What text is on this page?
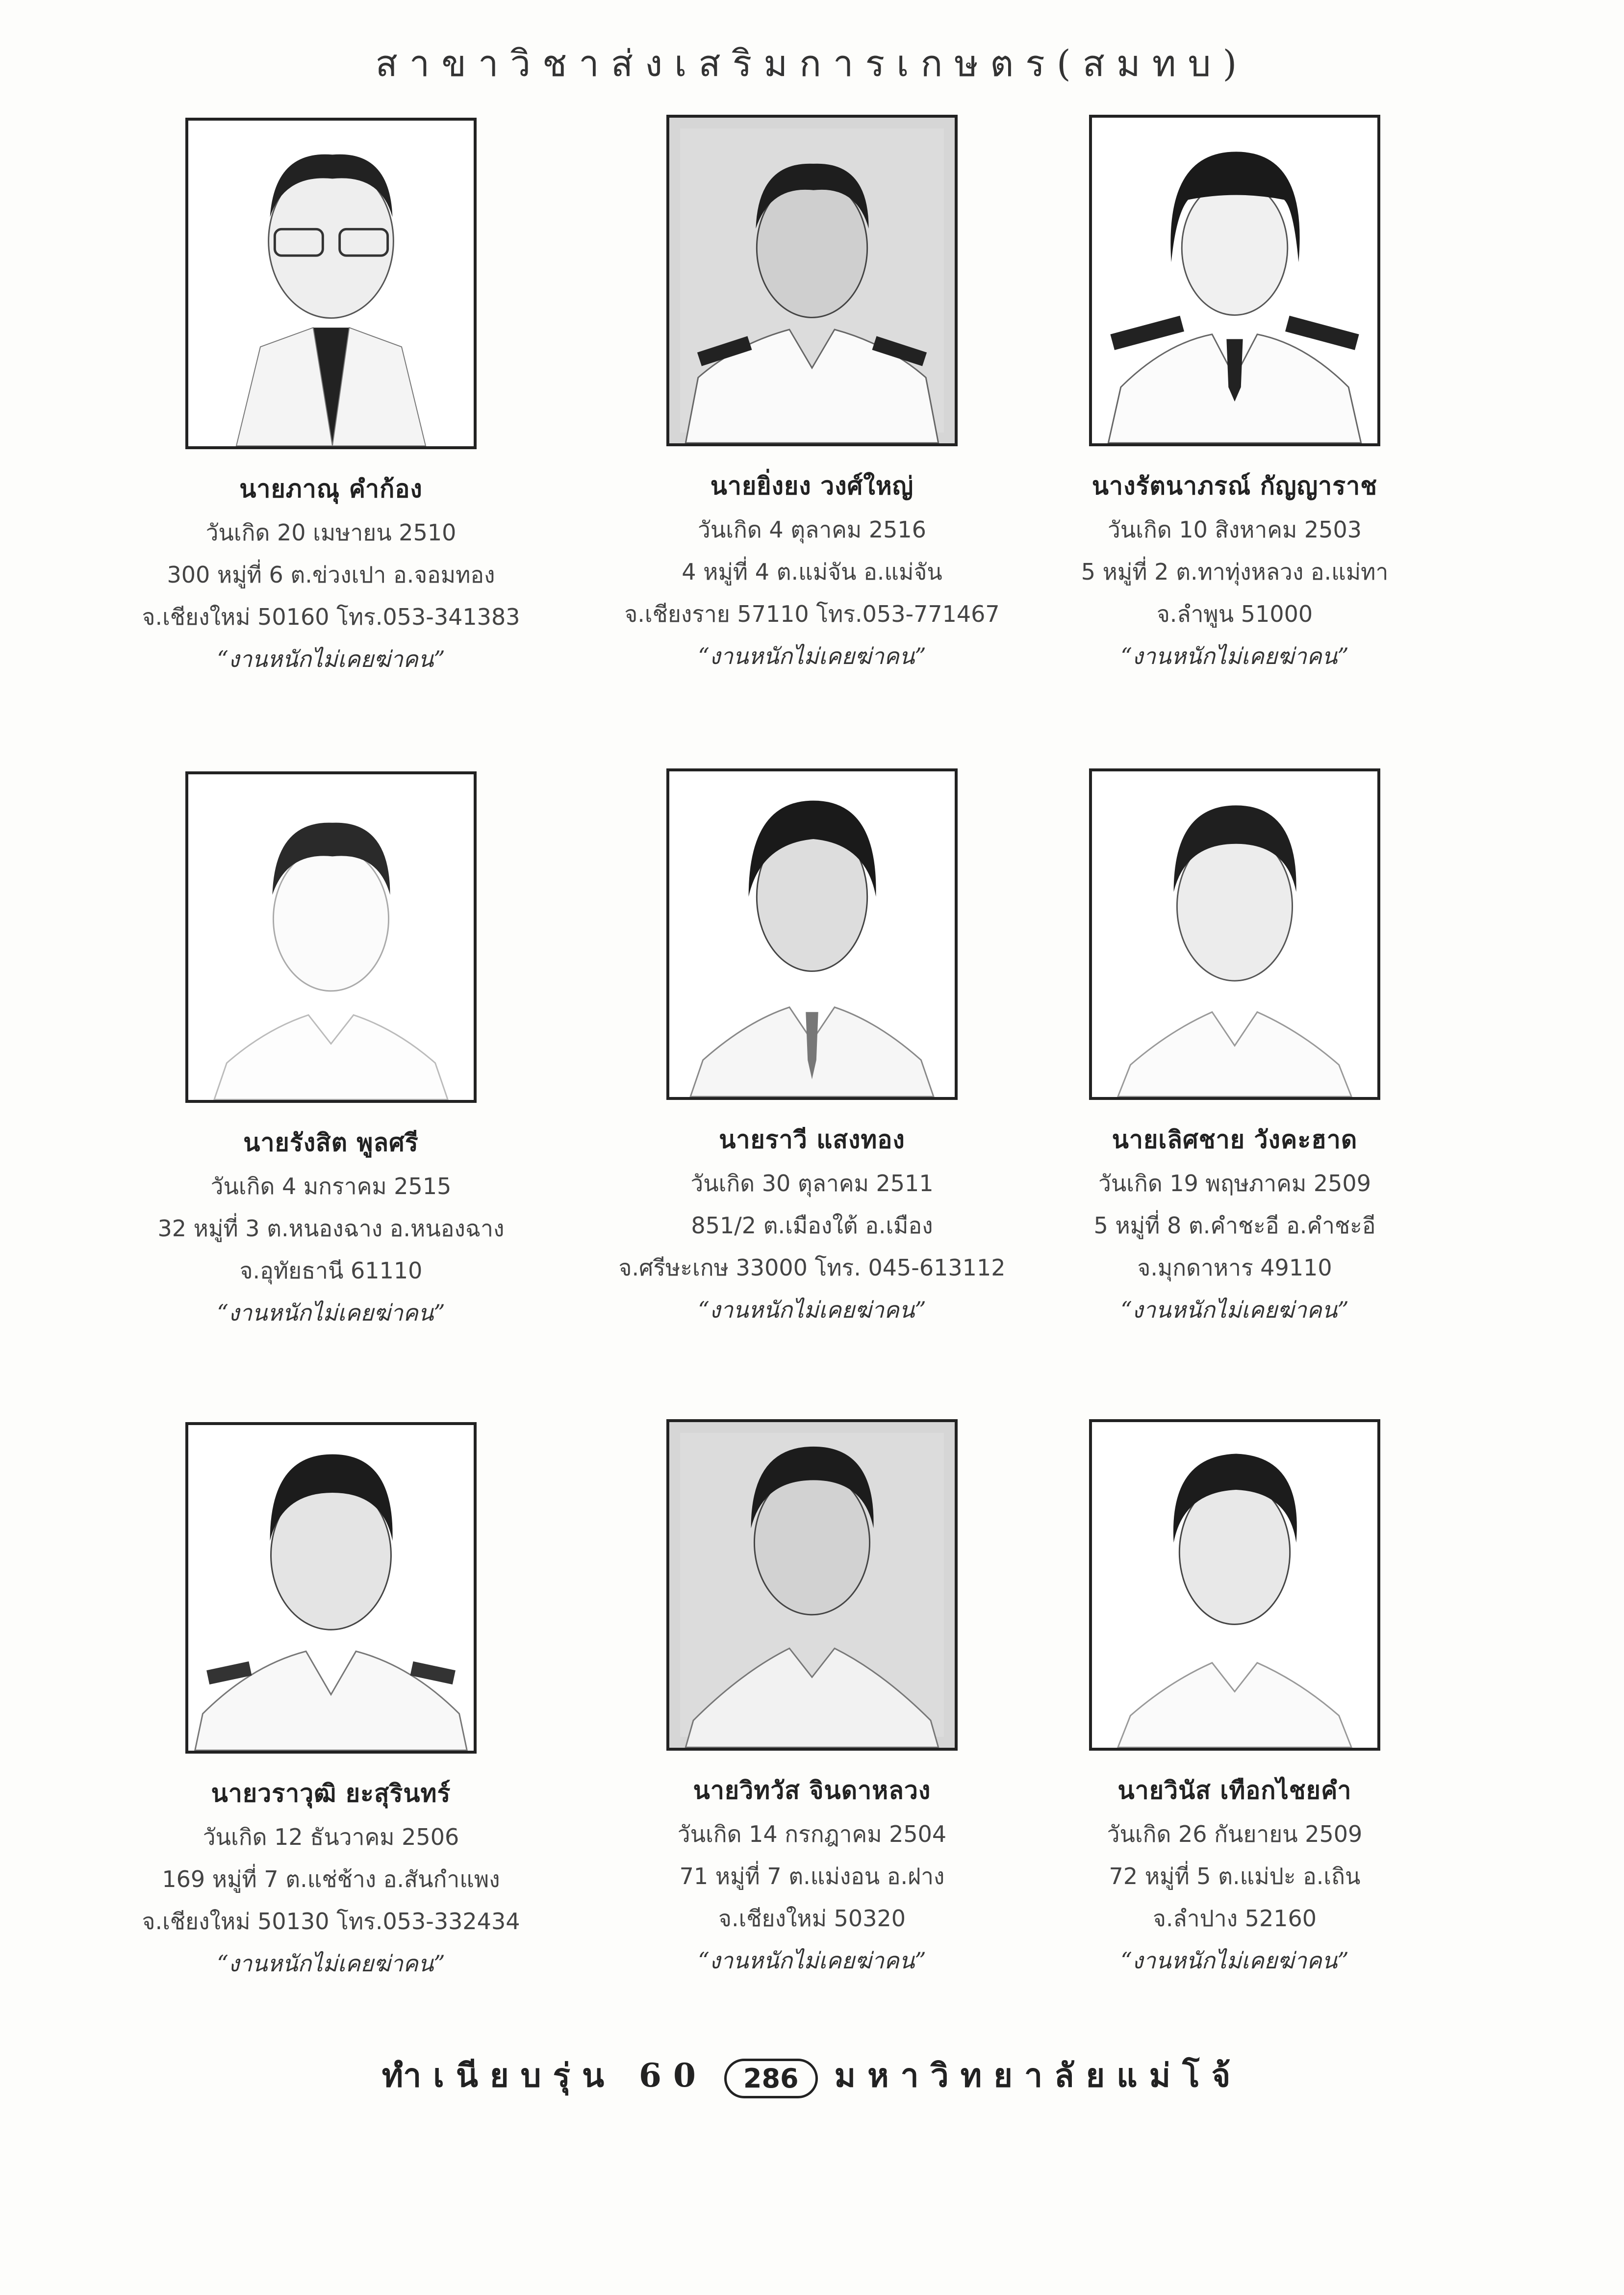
สาขาวิชาส่งเสริมการเกษตร(สมทบ)
นายภาณุ คำก้อง
วันเกิด 20 เมษายน 2510
300 หมู่ที่ 6 ต.ข่วงเปา อ.จอมทอง
จ.เชียงใหม่ 50160 โทร.053-341383
“งานหนักไม่เคยฆ่าคน”
นายยิ่งยง วงศ์ใหญ่
วันเกิด 4 ตุลาคม 2516
4 หมู่ที่ 4 ต.แม่จัน อ.แม่จัน
จ.เชียงราย 57110 โทร.053-771467
“งานหนักไม่เคยฆ่าคน”
นางรัตนาภรณ์ กัญญาราช
วันเกิด 10 สิงหาคม 2503
5 หมู่ที่ 2 ต.ทาทุ่งหลวง อ.แม่ทา
จ.ลำพูน 51000
“งานหนักไม่เคยฆ่าคน”
นายรังสิต พูลศรี
วันเกิด 4 มกราคม 2515
32 หมู่ที่ 3 ต.หนองฉาง อ.หนองฉาง
จ.อุทัยธานี 61110
“งานหนักไม่เคยฆ่าคน”
นายราวี แสงทอง
วันเกิด 30 ตุลาคม 2511
851/2 ต.เมืองใต้ อ.เมือง
จ.ศรีษะเกษ 33000 โทร. 045-613112
“งานหนักไม่เคยฆ่าคน”
นายเลิศชาย วังคะฮาด
วันเกิด 19 พฤษภาคม 2509
5 หมู่ที่ 8 ต.คำชะอี อ.คำชะอี
จ.มุกดาหาร 49110
“งานหนักไม่เคยฆ่าคน”
นายวราวุฒิ ยะสุรินทร์
วันเกิด 12 ธันวาคม 2506
169 หมู่ที่ 7 ต.แช่ช้าง อ.สันกำแพง
จ.เชียงใหม่ 50130 โทร.053-332434
“งานหนักไม่เคยฆ่าคน”
นายวิทวัส จินดาหลวง
วันเกิด 14 กรกฎาคม 2504
71 หมู่ที่ 7 ต.แม่งอน อ.ฝาง
จ.เชียงใหม่ 50320
“งานหนักไม่เคยฆ่าคน”
นายวินัส เทือกไชยคำ
วันเกิด 26 กันยายน 2509
72 หมู่ที่ 5 ต.แม่ปะ อ.เถิน
จ.ลำปาง 52160
“งานหนักไม่เคยฆ่าคน”
ทำเนียบรุ่น 60 286 มหาวิทยาลัยแม่โจ้
